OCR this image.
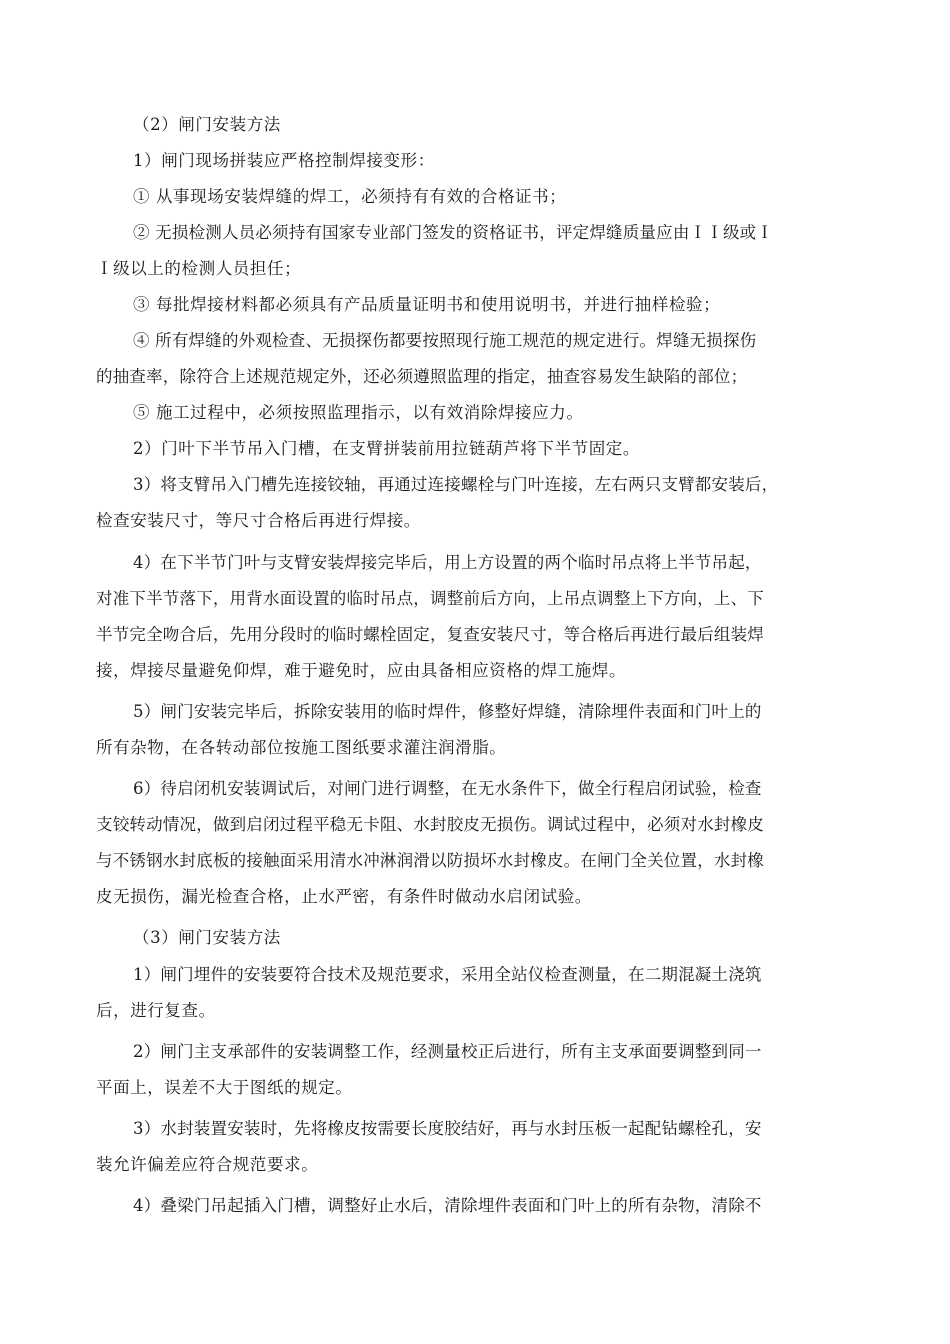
（2）闸门安装方法
1）闸门现场拼装应严格控制焊接变形：
① 从事现场安装焊缝的焊工，必须持有有效的合格证书；
② 无损检测人员必须持有国家专业部门签发的资格证书，评定焊缝质量应由ＩＩ级或Ｉ
Ｉ级以上的检测人员担任；
③ 每批焊接材料都必须具有产品质量证明书和使用说明书，并进行抽样检验；
④ 所有焊缝的外观检查、无损探伤都要按照现行施工规范的规定进行。焊缝无损探伤
的抽查率，除符合上述规范规定外，还必须遵照监理的指定，抽查容易发生缺陷的部位；
⑤ 施工过程中，必须按照监理指示，以有效消除焊接应力。
2）门叶下半节吊入门槽，在支臂拼装前用拉链葫芦将下半节固定。
3）将支臂吊入门槽先连接铰轴，再通过连接螺栓与门叶连接，左右两只支臂都安装后，
检查安装尺寸，等尺寸合格后再进行焊接。
4）在下半节门叶与支臂安装焊接完毕后，用上方设置的两个临时吊点将上半节吊起，
对准下半节落下，用背水面设置的临时吊点，调整前后方向，上吊点调整上下方向，上、下
半节完全吻合后，先用分段时的临时螺栓固定，复查安装尺寸，等合格后再进行最后组装焊
接，焊接尽量避免仰焊，难于避免时，应由具备相应资格的焊工施焊。
5）闸门安装完毕后，拆除安装用的临时焊件，修整好焊缝，清除埋件表面和门叶上的
所有杂物，在各转动部位按施工图纸要求灌注润滑脂。
6）待启闭机安装调试后，对闸门进行调整，在无水条件下，做全行程启闭试验，检查
支铰转动情况，做到启闭过程平稳无卡阻、水封胶皮无损伤。调试过程中，必须对水封橡皮
与不锈钢水封底板的接触面采用清水冲淋润滑以防损坏水封橡皮。在闸门全关位置，水封橡
皮无损伤，漏光检查合格，止水严密，有条件时做动水启闭试验。
（3）闸门安装方法
1）闸门埋件的安装要符合技术及规范要求，采用全站仪检查测量，在二期混凝土浇筑
后，进行复查。
2）闸门主支承部件的安装调整工作，经测量校正后进行，所有主支承面要调整到同一
平面上，误差不大于图纸的规定。
3）水封装置安装时，先将橡皮按需要长度胶结好，再与水封压板一起配钻螺栓孔，安
装允许偏差应符合规范要求。
4）叠梁门吊起插入门槽，调整好止水后，清除埋件表面和门叶上的所有杂物，清除不
